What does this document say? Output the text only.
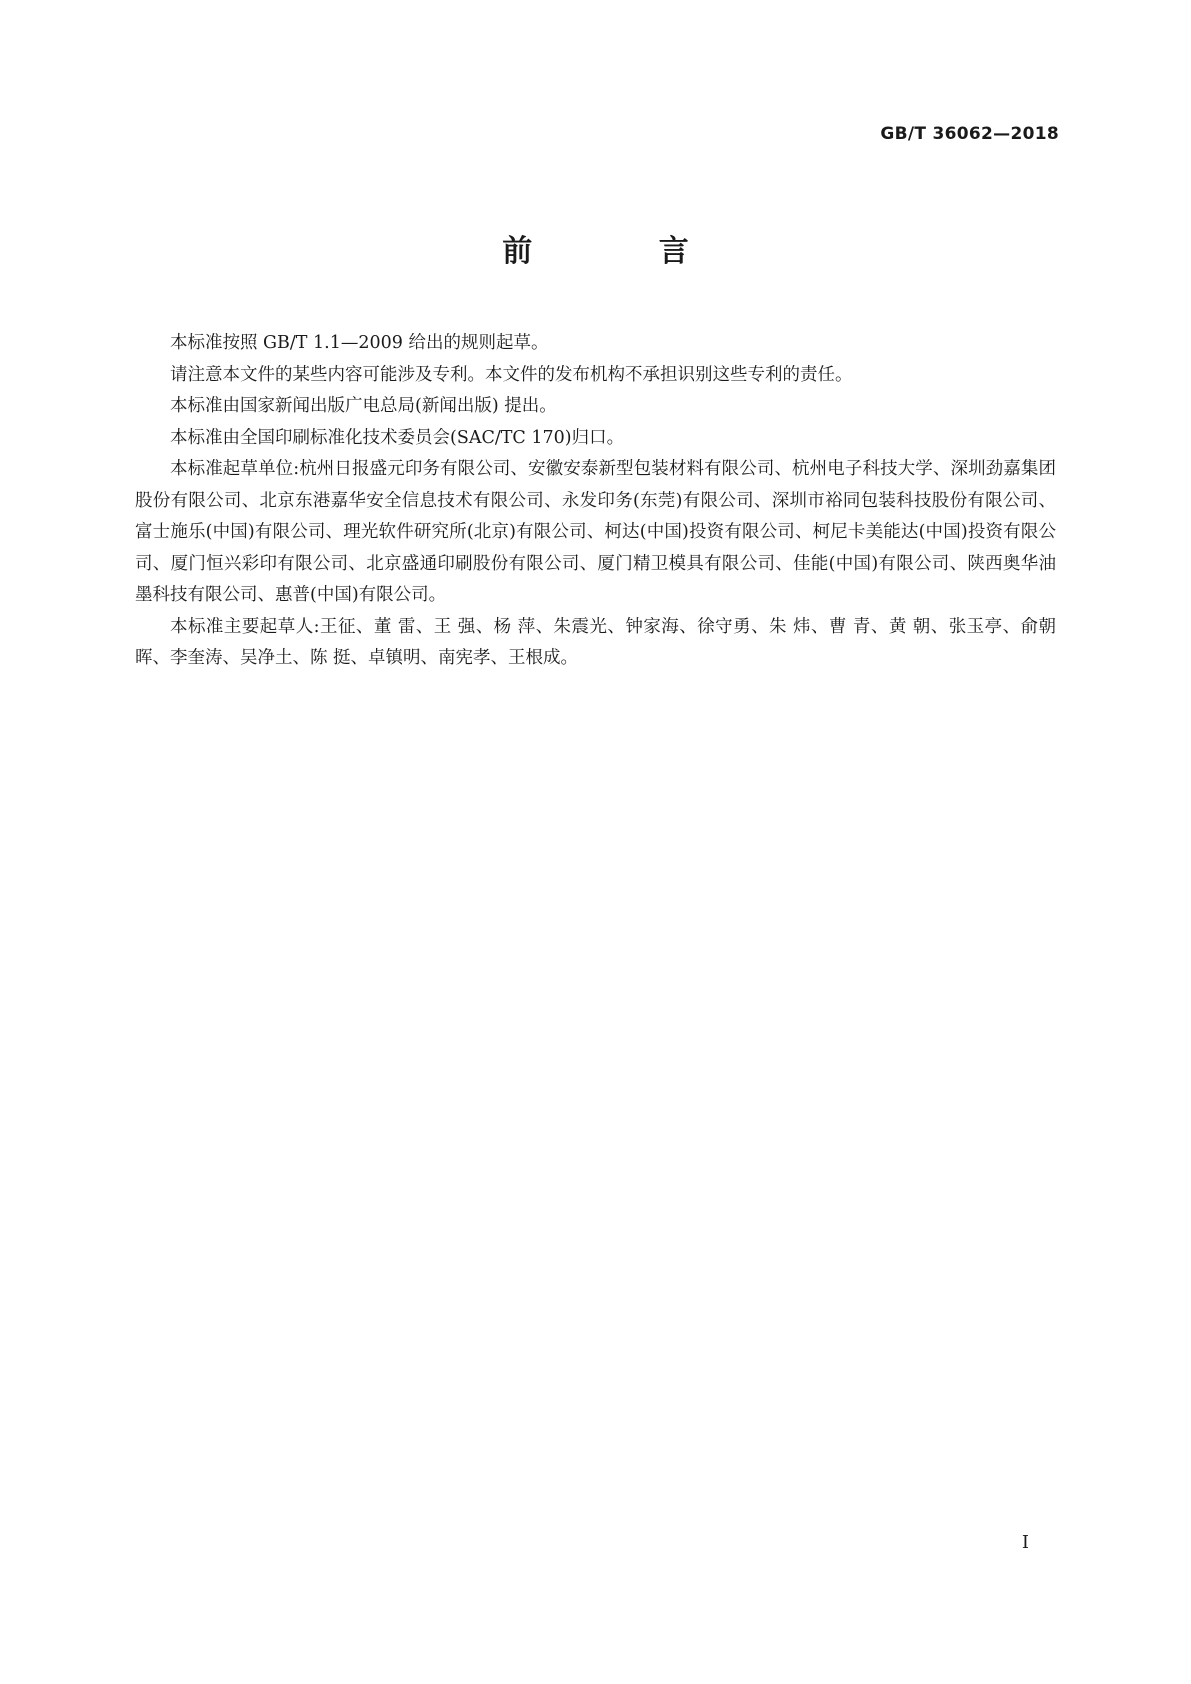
GB/T 36062—2018
前 言

本标准按照 GB/T 1.1—2009 给出的规则起草。

请注意本文件的某些内容可能涉及专利。本文件的发布机构不承担识别这些专利的责任。

本标准由国家新闻出版广电总局(新闻出版) 提出。

本标准由全国印刷标准化技术委员会(SAC/TC 170)归口。

本标准起草单位:杭州日报盛元印务有限公司、安徽安泰新型包装材料有限公司、杭州电子科技大学、深圳劲嘉集团股份有限公司、北京东港嘉华安全信息技术有限公司、永发印务(东莞)有限公司、深圳市裕同包装科技股份有限公司、富士施乐(中国)有限公司、理光软件研究所(北京)有限公司、柯达(中国)投资有限公司、柯尼卡美能达(中国)投资有限公司、厦门恒兴彩印有限公司、北京盛通印刷股份有限公司、厦门精卫模具有限公司、佳能(中国)有限公司、陕西奥华油墨科技有限公司、惠普(中国)有限公司。

本标准主要起草人:王征、董 雷、王 强、杨 萍、朱震光、钟家海、徐守勇、朱 炜、曹 青、黄 朝、张玉亭、俞朝晖、李奎涛、吴净土、陈 挺、卓镇明、南宪孝、王根成。

I
